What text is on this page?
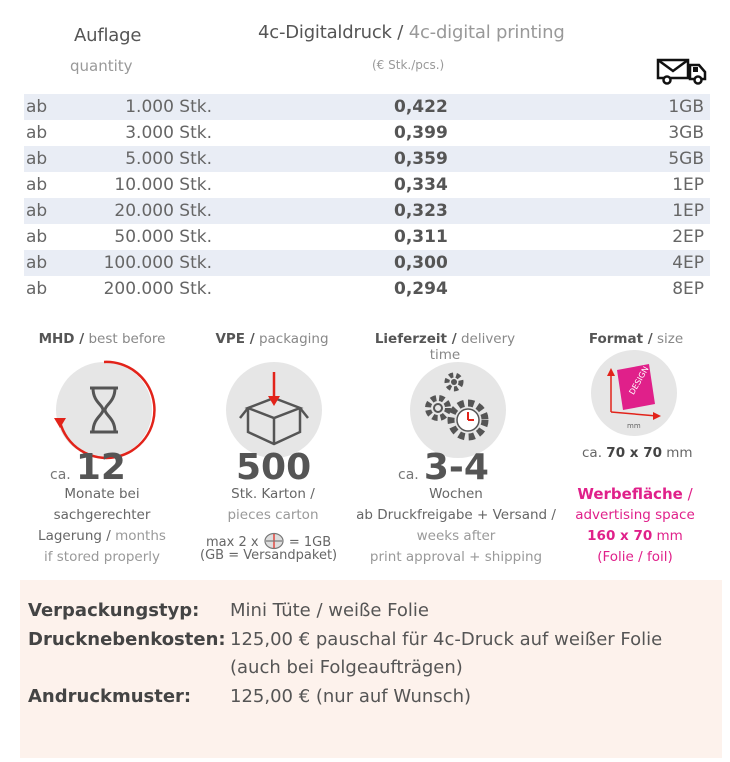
Auflage
quantity
4c-Digitaldruck / 4c-digital printing
(€ Stk./pcs.)
ab	1.000 Stk.	0,422	1GB
ab	3.000 Stk.	0,399	3GB
ab	5.000 Stk.	0,359	5GB
ab	10.000 Stk.	0,334	1EP
ab	20.000 Stk.	0,323	1EP
ab	50.000 Stk.	0,311	2EP
ab	100.000 Stk.	0,300	4EP
ab	200.000 Stk.	0,294	8EP
MHD / best before
ca. 12
Monate bei
sachgerechter
Lagerung / months
if stored properly
VPE / packaging
500
Stk. Karton /
pieces carton
max 2 x = 1GB
(GB = Versandpaket)
Lieferzeit / delivery time
ca. 3-4
Wochen
ab Druckfreigabe + Versand /
weeks after
print approval + shipping
Format / size
DESIGN
mm
ca. 70 x 70 mm
Werbefläche /
advertising space
160 x 70 mm
(Folie / foil)
Verpackungstyp: Mini Tüte / weiße Folie
Drucknebenkosten: 125,00 € pauschal für 4c-Druck auf weißer Folie
(auch bei Folgeaufträgen)
Andruckmuster: 125,00 € (nur auf Wunsch)
